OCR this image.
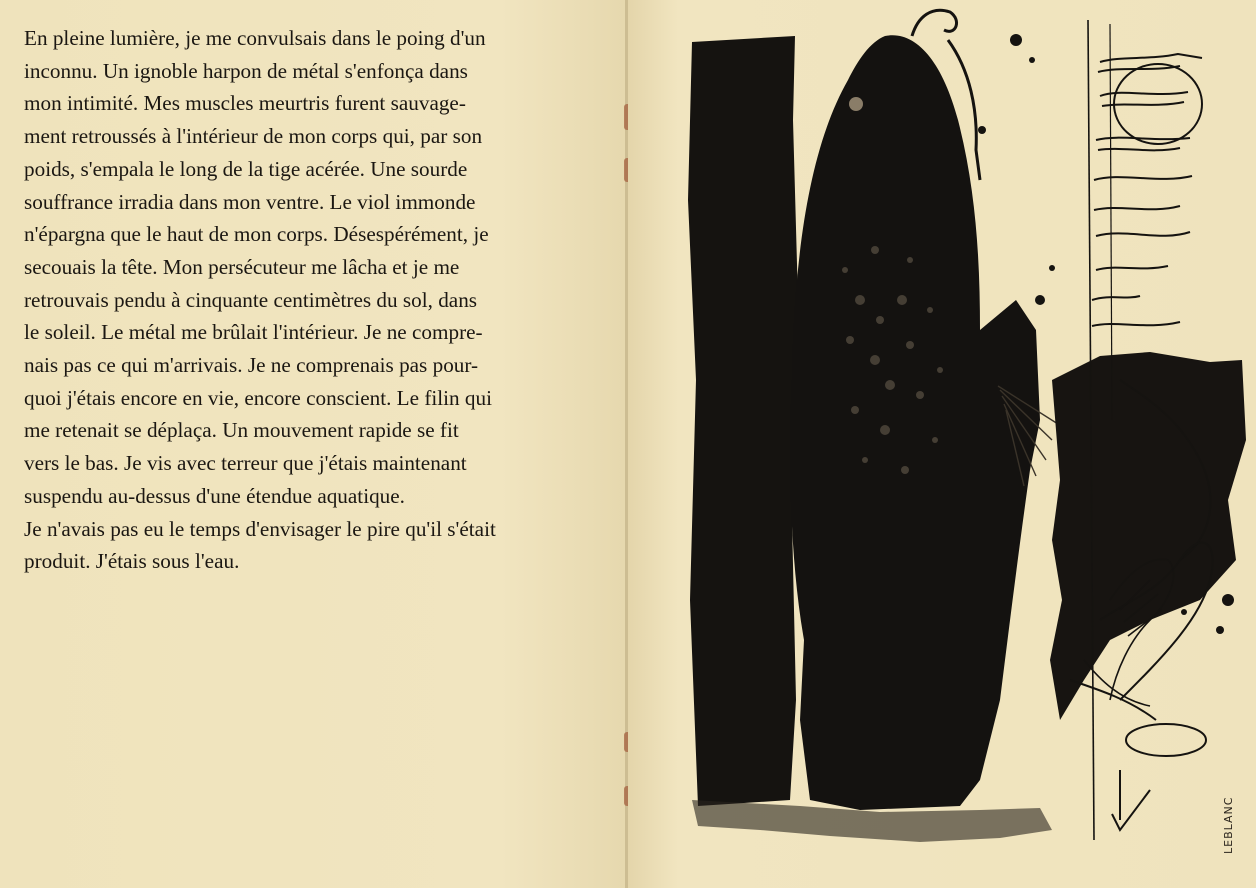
En pleine lumière, je me convulsais dans le poing d'un
inconnu. Un ignoble harpon de métal s'enfonça dans
mon intimité. Mes muscles meurtris furent sauvage-
ment retroussés à l'intérieur de mon corps qui, par son
poids, s'empala le long de la tige acérée. Une sourde
souffrance irradia dans mon ventre. Le viol immonde
n'épargna que le haut de mon corps. Désespérément, je
secouais la tête. Mon persécuteur me lâcha et je me
retrouvais pendu à cinquante centimètres du sol, dans
le soleil. Le métal me brûlait l'intérieur. Je ne compre-
nais pas ce qui m'arrivais. Je ne comprenais pas pour-
quoi j'étais encore en vie, encore conscient. Le filin qui
me retenait se déplaça. Un mouvement rapide se fit
vers le bas. Je vis avec terreur que j'étais maintenant
suspendu au-dessus d'une étendue aquatique.
Je n'avais pas eu le temps d'envisager le pire qu'il s'était
produit. J'étais sous l'eau.
LEBLANC
